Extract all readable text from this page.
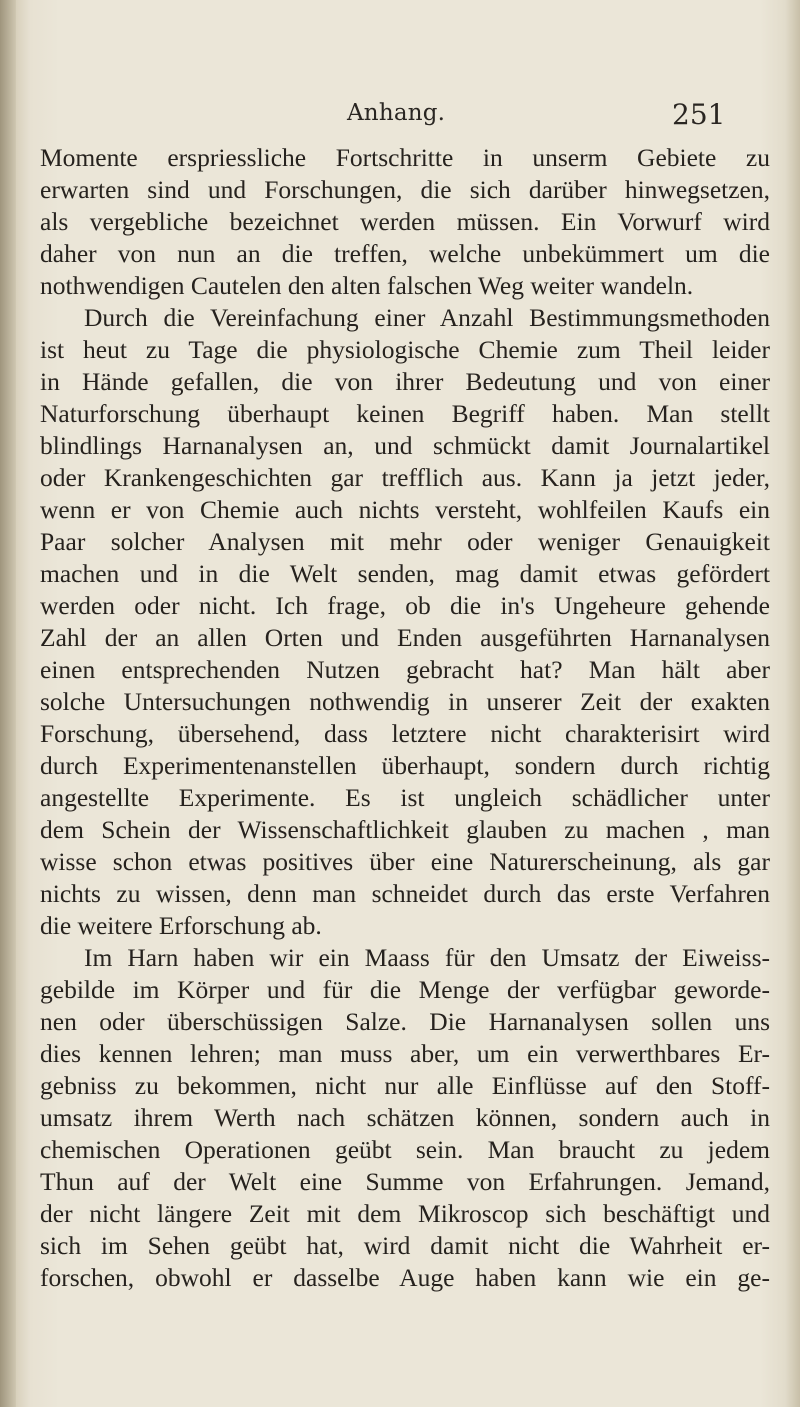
Anhang.	251
Momente erspriessliche Fortschritte in unserm Gebiete zu
erwarten sind und Forschungen, die sich darüber hinwegsetzen,
als vergebliche bezeichnet werden müssen. Ein Vorwurf wird
daher von nun an die treffen, welche unbekümmert um die
nothwendigen Cautelen den alten falschen Weg weiter wandeln.
Durch die Vereinfachung einer Anzahl Bestimmungsmethoden
ist heut zu Tage die physiologische Chemie zum Theil leider
in Hände gefallen, die von ihrer Bedeutung und von einer
Naturforschung überhaupt keinen Begriff haben. Man stellt
blindlings Harnanalysen an, und schmückt damit Journalartikel
oder Krankengeschichten gar trefflich aus. Kann ja jetzt jeder,
wenn er von Chemie auch nichts versteht, wohlfeilen Kaufs ein
Paar solcher Analysen mit mehr oder weniger Genauigkeit
machen und in die Welt senden, mag damit etwas gefördert
werden oder nicht. Ich frage, ob die in's Ungeheure gehende
Zahl der an allen Orten und Enden ausgeführten Harnanalysen
einen entsprechenden Nutzen gebracht hat? Man hält aber
solche Untersuchungen nothwendig in unserer Zeit der exakten
Forschung, übersehend, dass letztere nicht charakterisirt wird
durch Experimentenanstellen überhaupt, sondern durch richtig
angestellte Experimente. Es ist ungleich schädlicher unter
dem Schein der Wissenschaftlichkeit glauben zu machen , man
wisse schon etwas positives über eine Naturerscheinung, als gar
nichts zu wissen, denn man schneidet durch das erste Verfahren
die weitere Erforschung ab.
Im Harn haben wir ein Maass für den Umsatz der Eiweiss-
gebilde im Körper und für die Menge der verfügbar geworde-
nen oder überschüssigen Salze. Die Harnanalysen sollen uns
dies kennen lehren; man muss aber, um ein verwerthbares Er-
gebniss zu bekommen, nicht nur alle Einflüsse auf den Stoff-
umsatz ihrem Werth nach schätzen können, sondern auch in
chemischen Operationen geübt sein. Man braucht zu jedem
Thun auf der Welt eine Summe von Erfahrungen. Jemand,
der nicht längere Zeit mit dem Mikroscop sich beschäftigt und
sich im Sehen geübt hat, wird damit nicht die Wahrheit er-
forschen, obwohl er dasselbe Auge haben kann wie ein ge-
